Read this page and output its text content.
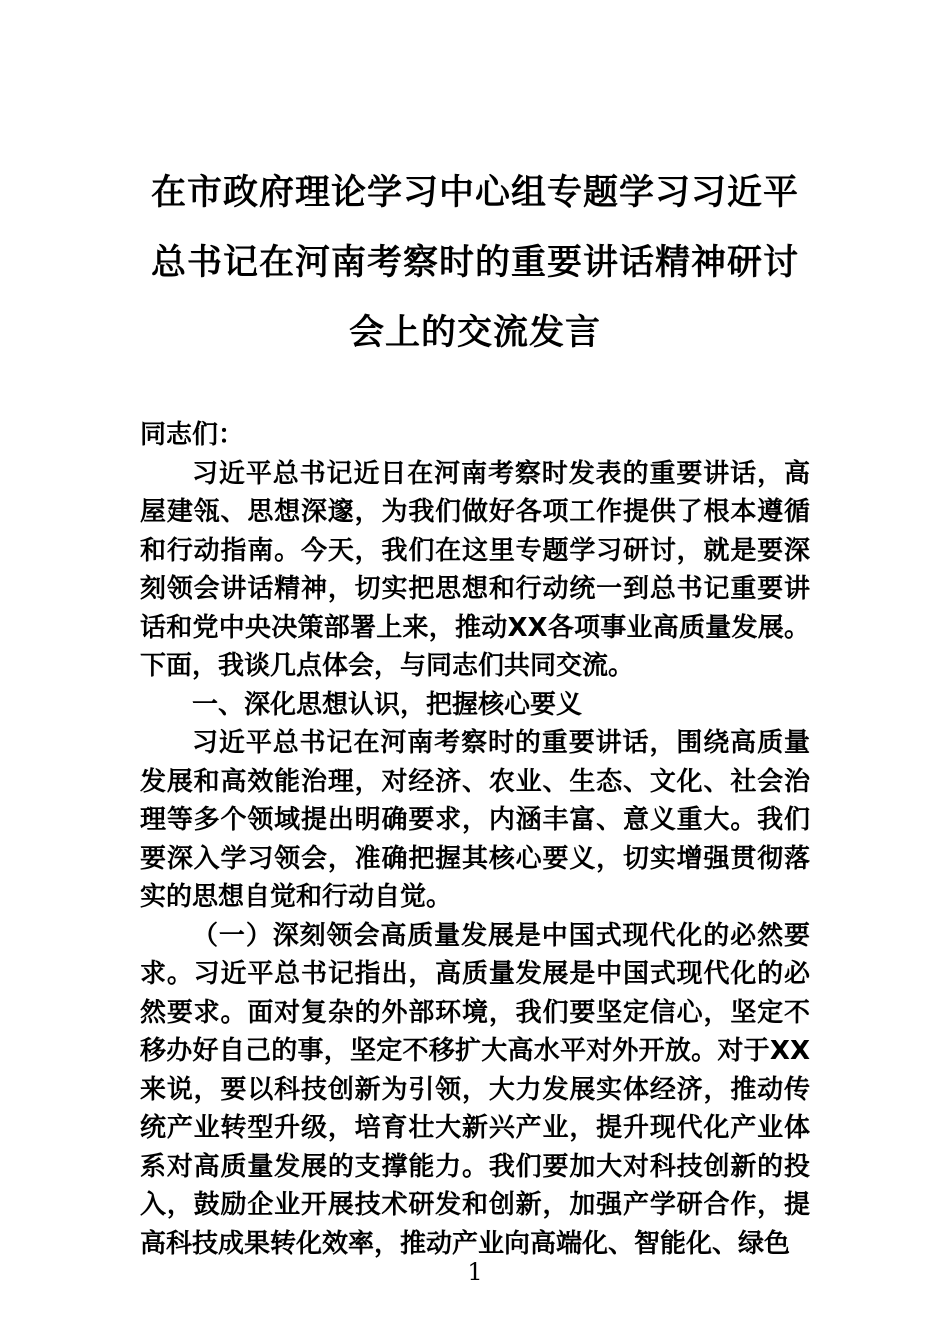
在市政府理论学习中心组专题学习习近平
总书记在河南考察时的重要讲话精神研讨
会上的交流发言

同志们：

习近平总书记近日在河南考察时发表的重要讲话，高屋建瓴、思想深邃，为我们做好各项工作提供了根本遵循和行动指南。今天，我们在这里专题学习研讨，就是要深刻领会讲话精神，切实把思想和行动统一到总书记重要讲话和党中央决策部署上来，推动XX各项事业高质量发展。下面，我谈几点体会，与同志们共同交流。

一、深化思想认识，把握核心要义

习近平总书记在河南考察时的重要讲话，围绕高质量发展和高效能治理，对经济、农业、生态、文化、社会治理等多个领域提出明确要求，内涵丰富、意义重大。我们要深入学习领会，准确把握其核心要义，切实增强贯彻落实的思想自觉和行动自觉。

（一）深刻领会高质量发展是中国式现代化的必然要求。习近平总书记指出，高质量发展是中国式现代化的必然要求。面对复杂的外部环境，我们要坚定信心，坚定不移办好自己的事，坚定不移扩大高水平对外开放。对于XX来说，要以科技创新为引领，大力发展实体经济，推动传统产业转型升级，培育壮大新兴产业，提升现代化产业体系对高质量发展的支撑能力。我们要加大对科技创新的投入，鼓励企业开展技术研发和创新，加强产学研合作，提高科技成果转化效率，推动产业向高端化、智能化、绿色

1
